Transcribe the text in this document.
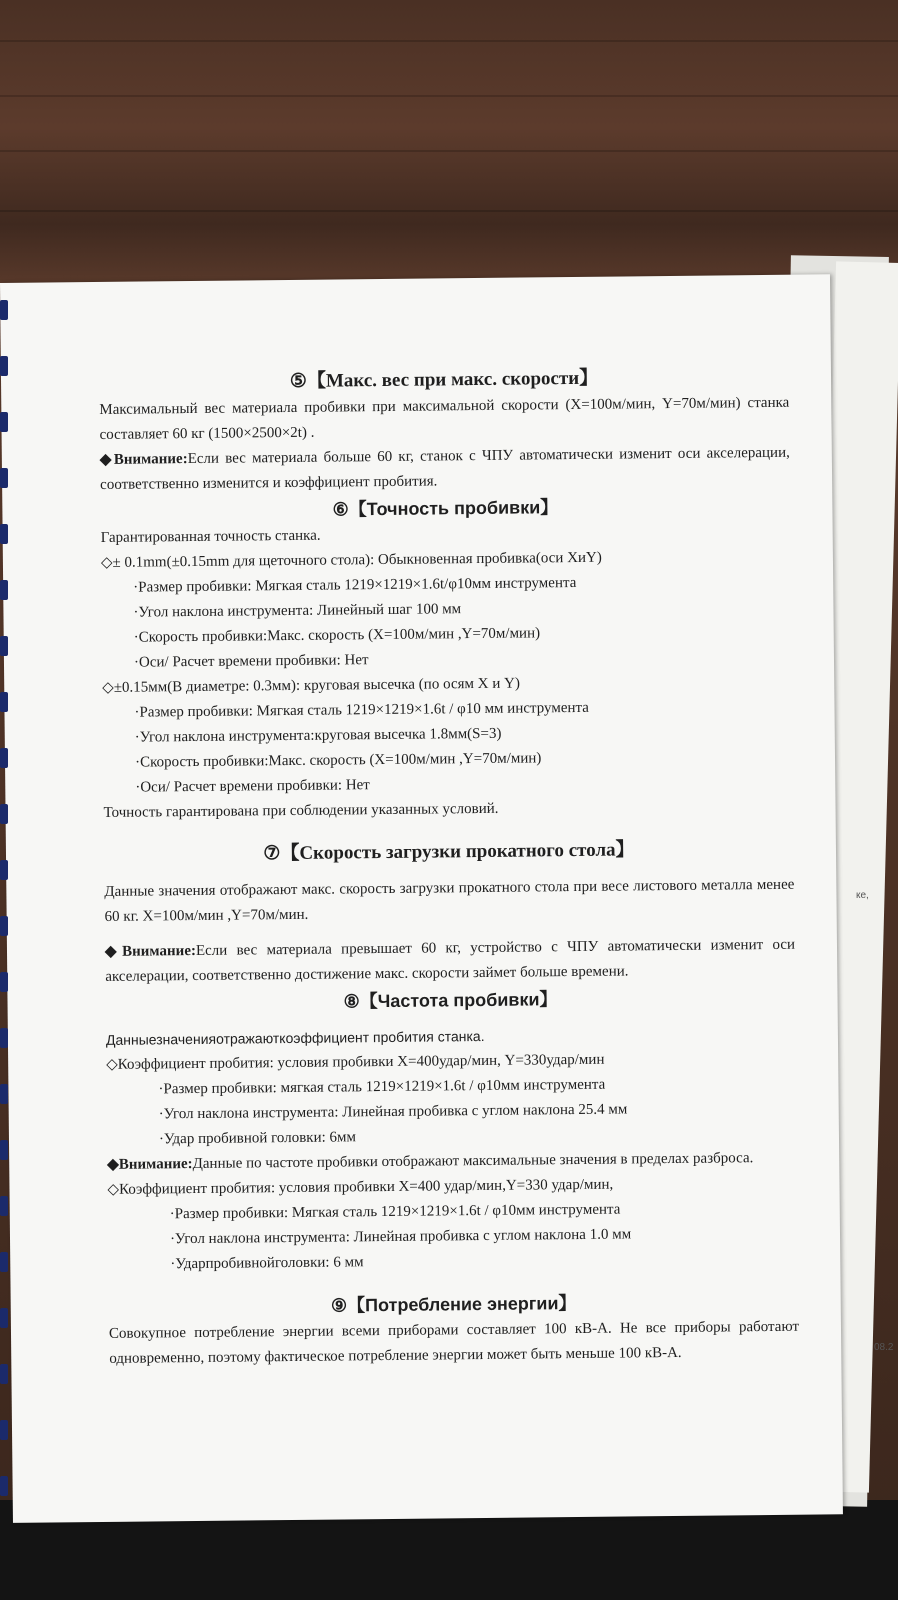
ке,
08.2
⑤【Макс. вес при макс. скорости】

Максимальный вес материала пробивки при максимальной скорости (X=100м/мин, Y=70м/мин) станка составляет 60 кг (1500×2500×2t) .

◆Внимание:Если вес материала больше 60 кг, станок с ЧПУ автоматически изменит оси акселерации, соответственно изменится и коэффициент пробития.

⑥【Точность пробивки】

Гарантированная точность станка.

◇± 0.1mm(±0.15mm для щеточного стола): Обыкновенная пробивка(оси XиY)

·Размер пробивки: Мягкая сталь 1219×1219×1.6t/φ10мм инструмента

·Угол наклона инструмента: Линейный шаг 100 мм

·Скорость пробивки:Макс. скорость (X=100м/мин ,Y=70м/мин)

·Оси/ Расчет времени пробивки: Нет

◇±0.15мм(В диаметре: 0.3мм): круговая высечка (по осям X и Y)

·Размер пробивки: Мягкая сталь 1219×1219×1.6t / φ10 мм инструмента

·Угол наклона инструмента:круговая высечка 1.8мм(S=3)

·Скорость пробивки:Макс. скорость (X=100м/мин ,Y=70м/мин)

·Оси/ Расчет времени пробивки: Нет

Точность гарантирована при соблюдении указанных условий.

⑦【Скорость загрузки прокатного стола】

Данные значения отображают макс. скорость загрузки прокатного стола при весе листового металла менее 60 кг. X=100м/мин ,Y=70м/мин.

◆Внимание:Если вес материала превышает 60 кг, устройство с ЧПУ автоматически изменит оси акселерации, соответственно достижение макс. скорости займет больше времени.

⑧【Частота пробивки】

Данныезначенияотражаюткоэффициент пробития станка.

◇Коэффициент пробития: условия пробивки X=400удар/мин, Y=330удар/мин

·Размер пробивки: мягкая сталь 1219×1219×1.6t / φ10мм инструмента

·Угол наклона инструмента: Линейная пробивка с углом наклона 25.4 мм

·Удар пробивной головки: 6мм

◆Внимание:Данные по частоте пробивки отображают максимальные значения в пределах разброса.

◇Коэффициент пробития: условия пробивки X=400 удар/мин,Y=330 удар/мин,

·Размер пробивки: Мягкая сталь 1219×1219×1.6t / φ10мм инструмента

·Угол наклона инструмента: Линейная пробивка с углом наклона 1.0 мм

·Ударпробивнойголовки: 6 мм

⑨【Потребление энергии】

Совокупное потребление энергии всеми приборами составляет 100 кВ-А. Не все приборы работают одновременно, поэтому фактическое потребление энергии может быть меньше 100 кВ-А.
